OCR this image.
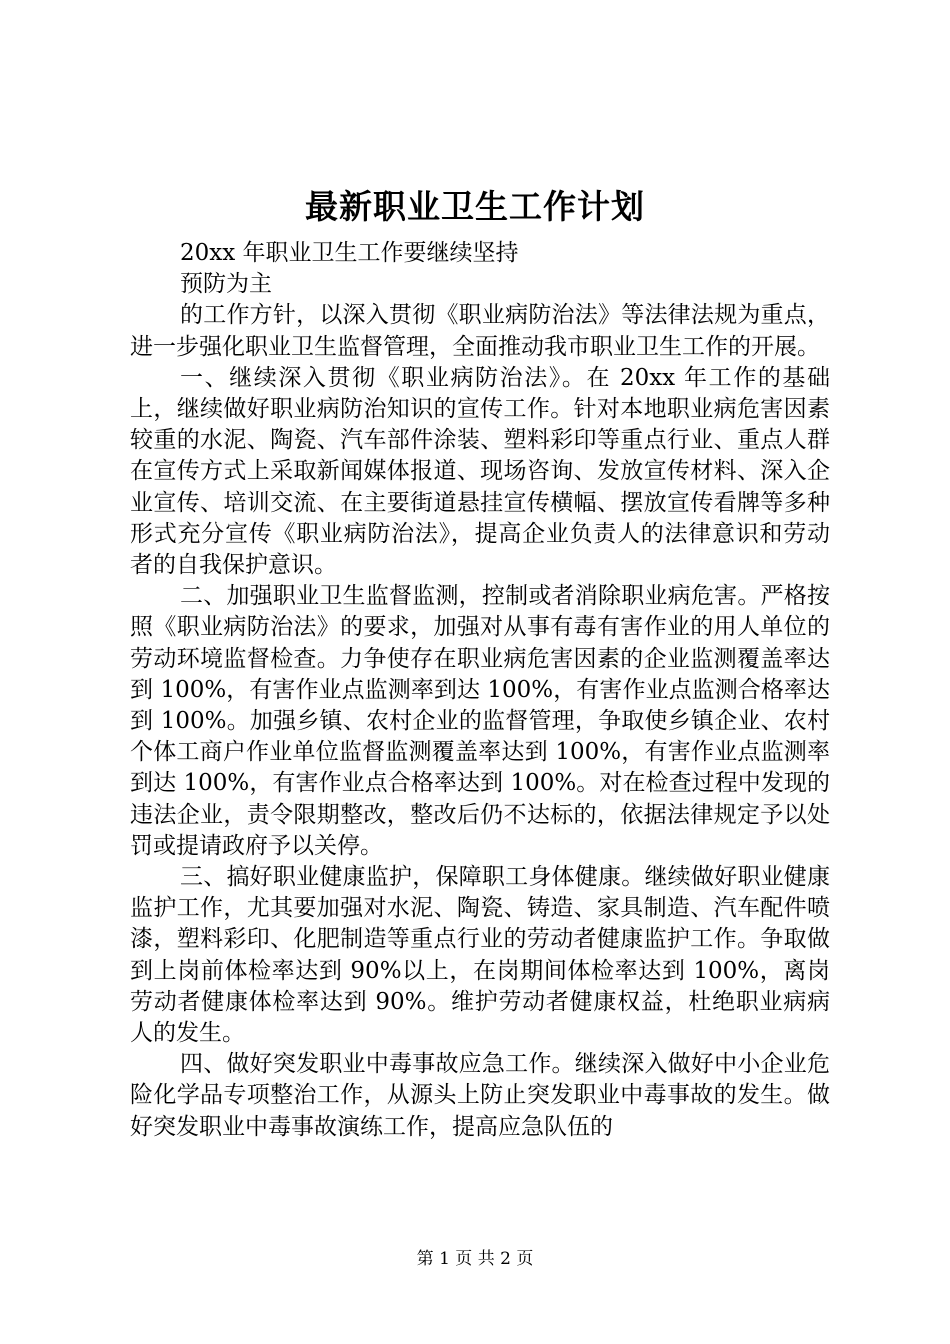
最新职业卫生工作计划

20xx 年职业卫生工作要继续坚持

预防为主

的工作方针，以深入贯彻《职业病防治法》等法律法规为重点，进一步强化职业卫生监督管理，全面推动我市职业卫生工作的开展。

一、继续深入贯彻《职业病防治法》。在 20xx 年工作的基础上，继续做好职业病防治知识的宣传工作。针对本地职业病危害因素较重的水泥、陶瓷、汽车部件涂装、塑料彩印等重点行业、重点人群在宣传方式上采取新闻媒体报道、现场咨询、发放宣传材料、深入企业宣传、培训交流、在主要街道悬挂宣传横幅、摆放宣传看牌等多种形式充分宣传《职业病防治法》，提高企业负责人的法律意识和劳动者的自我保护意识。

二、加强职业卫生监督监测，控制或者消除职业病危害。严格按照《职业病防治法》的要求，加强对从事有毒有害作业的用人单位的劳动环境监督检查。力争使存在职业病危害因素的企业监测覆盖率达到 100%，有害作业点监测率到达 100%，有害作业点监测合格率达到 100%。加强乡镇、农村企业的监督管理，争取使乡镇企业、农村个体工商户作业单位监督监测覆盖率达到 100%，有害作业点监测率到达 100%，有害作业点合格率达到 100%。对在检查过程中发现的违法企业，责令限期整改，整改后仍不达标的，依据法律规定予以处罚或提请政府予以关停。

三、搞好职业健康监护，保障职工身体健康。继续做好职业健康监护工作，尤其要加强对水泥、陶瓷、铸造、家具制造、汽车配件喷漆，塑料彩印、化肥制造等重点行业的劳动者健康监护工作。争取做到上岗前体检率达到 90%以上，在岗期间体检率达到 100%，离岗劳动者健康体检率达到 90%。维护劳动者健康权益，杜绝职业病病人的发生。

四、做好突发职业中毒事故应急工作。继续深入做好中小企业危险化学品专项整治工作，从源头上防止突发职业中毒事故的发生。做好突发职业中毒事故演练工作，提高应急队伍的

第 1 页 共 2 页
